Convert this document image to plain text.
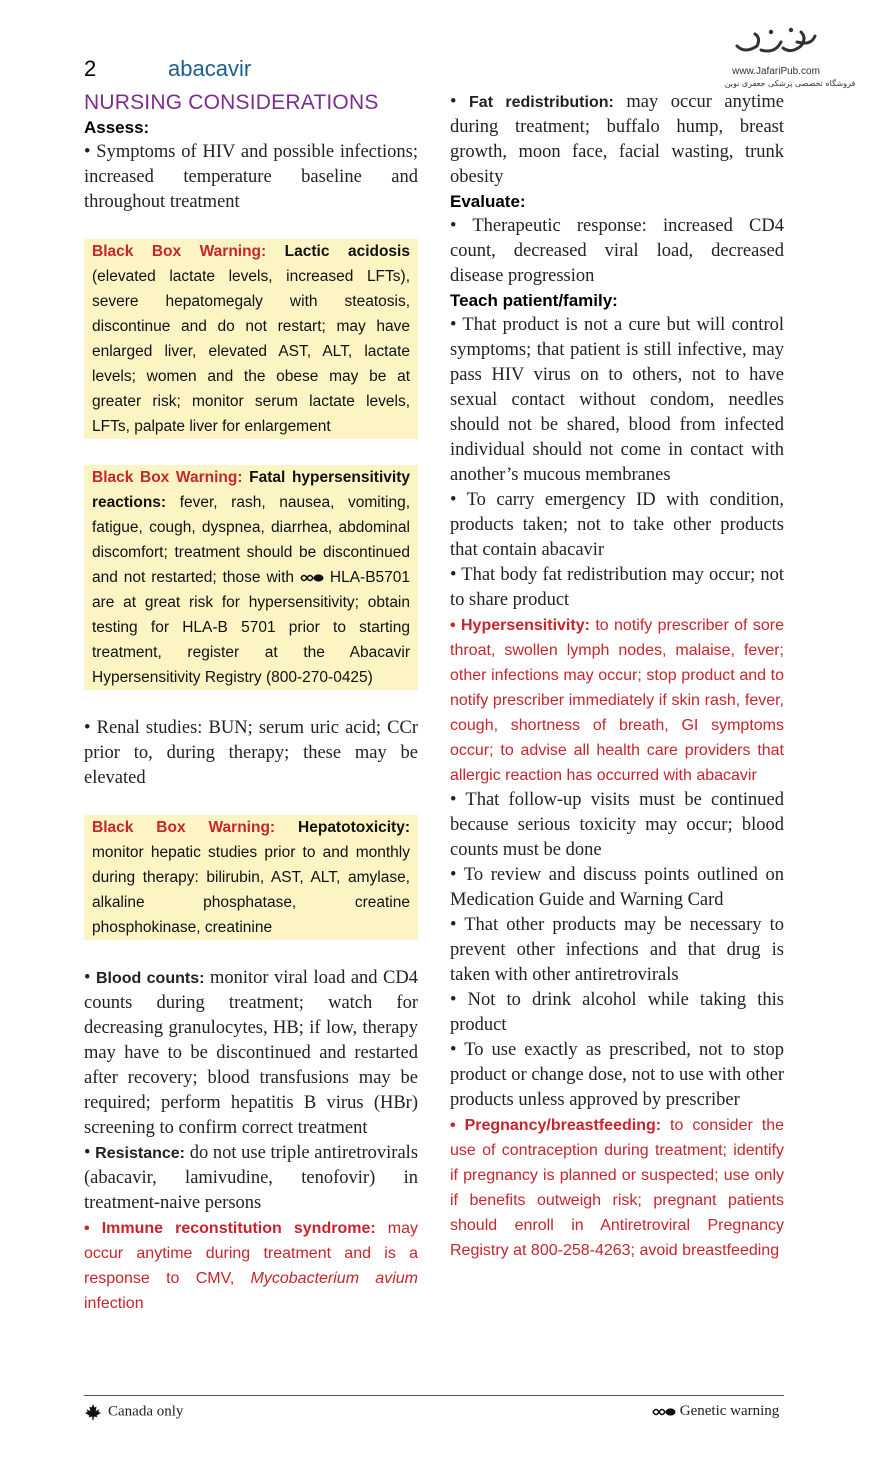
2	abacavir	www.JafariPub.com
فروشگاه تخصصی پزشکی جعفری نوین
NURSING CONSIDERATIONS
Assess:

• Symptoms of HIV and possible infections; increased temperature baseline and throughout treatment

Black Box Warning: Lactic acidosis (elevated lactate levels, increased LFTs), severe hepatomegaly with steatosis, discontinue and do not restart; may have enlarged liver, elevated AST, ALT, lactate levels; women and the obese may be at greater risk; monitor serum lactate levels, LFTs, palpate liver for enlargement

Black Box Warning: Fatal hypersensitivity reactions: fever, rash, nausea, vomiting, fatigue, cough, dyspnea, diarrhea, abdominal discomfort; treatment should be discontinued and not restarted; those with HLA-B5701 are at great risk for hypersensitivity; obtain testing for HLA-B 5701 prior to starting treatment, register at the Abacavir Hypersensitivity Registry (800-270-0425)

• Renal studies: BUN; serum uric acid; CCr prior to, during therapy; these may be elevated

Black Box Warning: Hepatotoxicity: monitor hepatic studies prior to and monthly during therapy: bilirubin, AST, ALT, amylase, alkaline phosphatase, creatine phosphokinase, creatinine

• Blood counts: monitor viral load and CD4 counts during treatment; watch for decreasing granulocytes, HB; if low, therapy may have to be discontinued and restarted after recovery; blood transfusions may be required; perform hepatitis B virus (HBr) screening to confirm correct treatment

• Resistance: do not use triple antiretrovirals (abacavir, lamivudine, tenofovir) in treatment-naive persons

• Immune reconstitution syndrome: may occur anytime during treatment and is a response to CMV, Mycobacterium avium infection

• Fat redistribution: may occur anytime during treatment; buffalo hump, breast growth, moon face, facial wasting, trunk obesity

Evaluate:

• Therapeutic response: increased CD4 count, decreased viral load, decreased disease progression

Teach patient/family:

• That product is not a cure but will control symptoms; that patient is still infective, may pass HIV virus on to others, not to have sexual contact without condom, needles should not be shared, blood from infected individual should not come in contact with another’s mucous membranes

• To carry emergency ID with condition, products taken; not to take other products that contain abacavir

• That body fat redistribution may occur; not to share product

• Hypersensitivity: to notify prescriber of sore throat, swollen lymph nodes, malaise, fever; other infections may occur; stop product and to notify prescriber immediately if skin rash, fever, cough, shortness of breath, GI symptoms occur; to advise all health care providers that allergic reaction has occurred with abacavir

• That follow-up visits must be continued because serious toxicity may occur; blood counts must be done

• To review and discuss points outlined on Medication Guide and Warning Card

• That other products may be necessary to prevent other infections and that drug is taken with other antiretrovirals

• Not to drink alcohol while taking this product

• To use exactly as prescribed, not to stop product or change dose, not to use with other products unless approved by prescriber

• Pregnancy/breastfeeding: to consider the use of contraception during treatment; identify if pregnancy is planned or suspected; use only if benefits outweigh risk; pregnant patients should enroll in Antiretroviral Pregnancy Registry at 800-258-4263; avoid breastfeeding

Canada only	Genetic warning
